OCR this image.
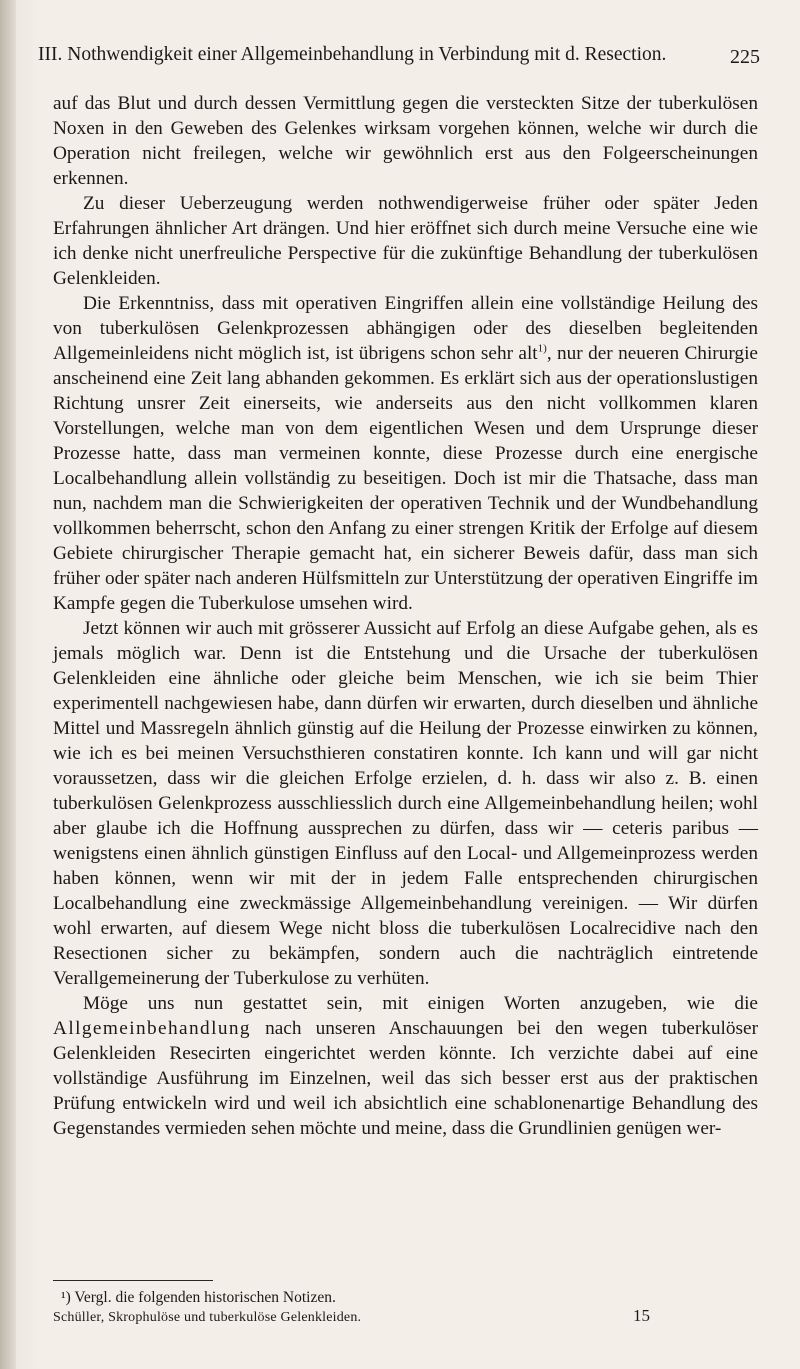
III. Nothwendigkeit einer Allgemeinbehandlung in Verbindung mit d. Resection.	225

auf das Blut und durch dessen Vermittlung gegen die versteckten Sitze der tuberkulösen Noxen in den Geweben des Gelenkes wirksam vorgehen können, welche wir durch die Operation nicht freilegen, welche wir gewöhnlich erst aus den Folgeerscheinungen erkennen.

Zu dieser Ueberzeugung werden nothwendigerweise früher oder später Jeden Erfahrungen ähnlicher Art drängen. Und hier eröffnet sich durch meine Versuche eine wie ich denke nicht unerfreuliche Perspective für die zukünftige Behandlung der tuberkulösen Gelenkleiden.

Die Erkenntniss, dass mit operativen Eingriffen allein eine vollständige Heilung des von tuberkulösen Gelenkprozessen abhängigen oder des dieselben begleitenden Allgemeinleidens nicht möglich ist, ist übrigens schon sehr alt$^{1)}$, nur der neueren Chirurgie anscheinend eine Zeit lang abhanden gekommen. Es erklärt sich aus der operationslustigen Richtung unsrer Zeit einerseits, wie anderseits aus den nicht vollkommen klaren Vorstellungen, welche man von dem eigentlichen Wesen und dem Ursprunge dieser Prozesse hatte, dass man vermeinen konnte, diese Prozesse durch eine energische Localbehandlung allein vollständig zu beseitigen. Doch ist mir die Thatsache, dass man nun, nachdem man die Schwierigkeiten der operativen Technik und der Wundbehandlung vollkommen beherrscht, schon den Anfang zu einer strengen Kritik der Erfolge auf diesem Gebiete chirurgischer Therapie gemacht hat, ein sicherer Beweis dafür, dass man sich früher oder später nach anderen Hülfsmitteln zur Unterstützung der operativen Eingriffe im Kampfe gegen die Tuberkulose umsehen wird.

Jetzt können wir auch mit grösserer Aussicht auf Erfolg an diese Aufgabe gehen, als es jemals möglich war. Denn ist die Entstehung und die Ursache der tuberkulösen Gelenkleiden eine ähnliche oder gleiche beim Menschen, wie ich sie beim Thier experimentell nachgewiesen habe, dann dürfen wir erwarten, durch dieselben und ähnliche Mittel und Massregeln ähnlich günstig auf die Heilung der Prozesse einwirken zu können, wie ich es bei meinen Versuchsthieren constatiren konnte. Ich kann und will gar nicht voraussetzen, dass wir die gleichen Erfolge erzielen, d. h. dass wir also z. B. einen tuberkulösen Gelenkprozess ausschliesslich durch eine Allgemeinbehandlung heilen; wohl aber glaube ich die Hoffnung aussprechen zu dürfen, dass wir — ceteris paribus — wenigstens einen ähnlich günstigen Einfluss auf den Local- und Allgemeinprozess werden haben können, wenn wir mit der in jedem Falle entsprechenden chirurgischen Localbehandlung eine zweckmässige Allgemeinbehandlung vereinigen. — Wir dürfen wohl erwarten, auf diesem Wege nicht bloss die tuberkulösen Localrecidive nach den Resectionen sicher zu bekämpfen, sondern auch die nachträglich eintretende Verallgemeinerung der Tuberkulose zu verhüten.

Möge uns nun gestattet sein, mit einigen Worten anzugeben, wie die Allgemeinbehandlung nach unseren Anschauungen bei den wegen tuberkulöser Gelenkleiden Resecirten eingerichtet werden könnte. Ich verzichte dabei auf eine vollständige Ausführung im Einzelnen, weil das sich besser erst aus der praktischen Prüfung entwickeln wird und weil ich absichtlich eine schablonenartige Behandlung des Gegenstandes vermieden sehen möchte und meine, dass die Grundlinien genügen wer-

¹) Vergl. die folgenden historischen Notizen.
Schüller, Skrophulöse und tuberkulöse Gelenkleiden.	15
